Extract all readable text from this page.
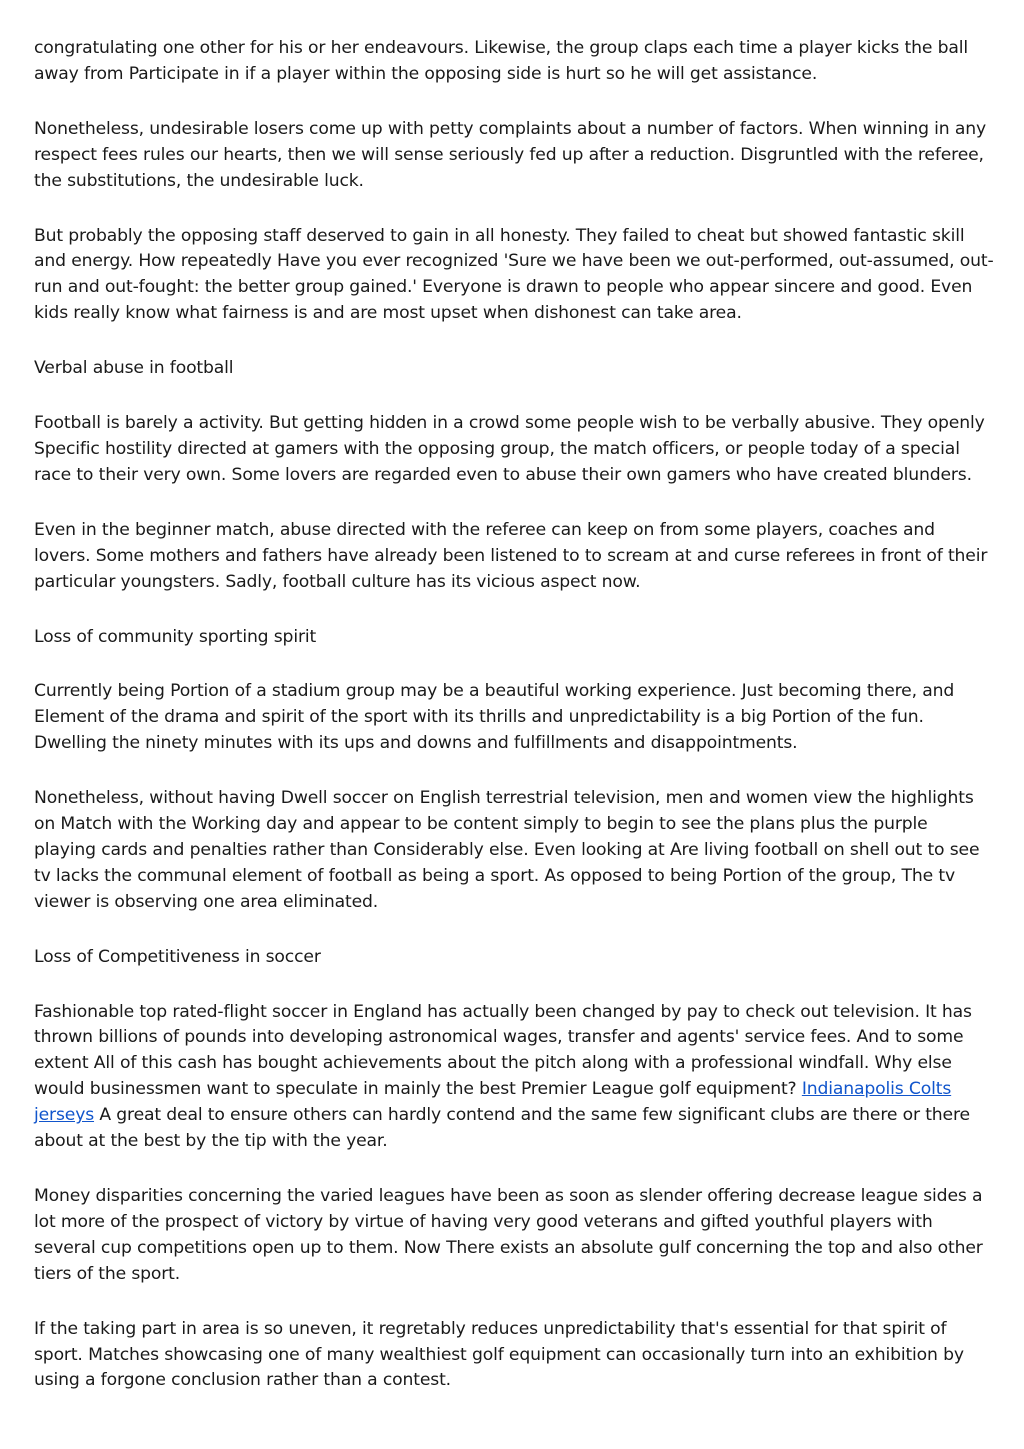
congratulating one other for his or her endeavours. Likewise, the group claps each time a player kicks the ball away from Participate in if a player within the opposing side is hurt so he will get assistance.

Nonetheless, undesirable losers come up with petty complaints about a number of factors. When winning in any respect fees rules our hearts, then we will sense seriously fed up after a reduction. Disgruntled with the referee, the substitutions, the undesirable luck.

But probably the opposing staff deserved to gain in all honesty. They failed to cheat but showed fantastic skill and energy. How repeatedly Have you ever recognized 'Sure we have been we out-performed, out-assumed, out-run and out-fought: the better group gained.' Everyone is drawn to people who appear sincere and good. Even kids really know what fairness is and are most upset when dishonest can take area.

Verbal abuse in football

Football is barely a activity. But getting hidden in a crowd some people wish to be verbally abusive. They openly Specific hostility directed at gamers with the opposing group, the match officers, or people today of a special race to their very own. Some lovers are regarded even to abuse their own gamers who have created blunders.

Even in the beginner match, abuse directed with the referee can keep on from some players, coaches and lovers. Some mothers and fathers have already been listened to to scream at and curse referees in front of their particular youngsters. Sadly, football culture has its vicious aspect now.

Loss of community sporting spirit

Currently being Portion of a stadium group may be a beautiful working experience. Just becoming there, and Element of the drama and spirit of the sport with its thrills and unpredictability is a big Portion of the fun. Dwelling the ninety minutes with its ups and downs and fulfillments and disappointments.

Nonetheless, without having Dwell soccer on English terrestrial television, men and women view the highlights on Match with the Working day and appear to be content simply to begin to see the plans plus the purple playing cards and penalties rather than Considerably else. Even looking at Are living football on shell out to see tv lacks the communal element of football as being a sport. As opposed to being Portion of the group, The tv viewer is observing one area eliminated.

Loss of Competitiveness in soccer

Fashionable top rated-flight soccer in England has actually been changed by pay to check out television. It has thrown billions of pounds into developing astronomical wages, transfer and agents' service fees. And to some extent All of this cash has bought achievements about the pitch along with a professional windfall. Why else would businessmen want to speculate in mainly the best Premier League golf equipment? Indianapolis Colts jerseys A great deal to ensure others can hardly contend and the same few significant clubs are there or there about at the best by the tip with the year.

Money disparities concerning the varied leagues have been as soon as slender offering decrease league sides a lot more of the prospect of victory by virtue of having very good veterans and gifted youthful players with several cup competitions open up to them. Now There exists an absolute gulf concerning the top and also other tiers of the sport.

If the taking part in area is so uneven, it regretably reduces unpredictability that's essential for that spirit of sport. Matches showcasing one of many wealthiest golf equipment can occasionally turn into an exhibition by using a forgone conclusion rather than a contest.
